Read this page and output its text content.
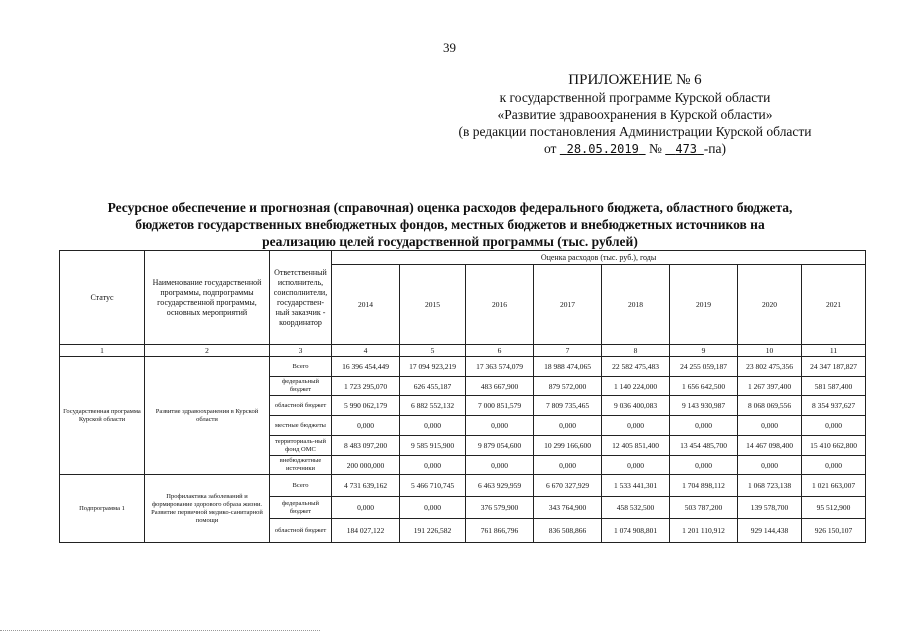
39
ПРИЛОЖЕНИЕ № 6
к государственной программе Курской области
«Развитие здравоохранения в Курской области»
(в редакции постановления Администрации Курской области
от 28.05.2019 № 473 -па)
Ресурсное обеспечение и прогнозная (справочная) оценка расходов федерального бюджета, областного бюджета,
бюджетов государственных внебюджетных фондов, местных бюджетов и внебюджетных источников на
реализацию целей государственной программы (тыс. рублей)
Статус	Наименование государственной программы, подпрограммы государственной программы, основных мероприятий	Ответственный исполнитель, соисполнители, государствен-ный заказчик - координатор	Оценка расходов (тыс. руб.), годы							
			2014	2015	2016	2017	2018	2019	2020	2021
1	2	3	4	5	6	7	8	9	10	11
Государственная программа Курской области	Развитие здравоохранения в Курской области	Всего	16 396 454,449	17 094 923,219	17 363 574,079	18 988 474,065	22 582 475,483	24 255 059,187	23 802 475,356	24 347 187,827
		федеральный бюджет	1 723 295,070	626 455,187	483 667,900	879 572,000	1 140 224,000	1 656 642,500	1 267 397,400	581 587,400
		областной бюджет	5 990 062,179	6 882 552,132	7 000 851,579	7 809 735,465	9 036 400,083	9 143 930,987	8 068 069,556	8 354 937,627
		местные бюджеты	0,000	0,000	0,000	0,000	0,000	0,000	0,000	0,000
		территориаль-ный фонд ОМС	8 483 097,200	9 585 915,900	9 879 054,600	10 299 166,600	12 405 851,400	13 454 485,700	14 467 098,400	15 410 662,800
		внебюджетные источники	200 000,000	0,000	0,000	0,000	0,000	0,000	0,000	0,000
Подпрограмма 1	Профилактика заболеваний и формирование здорового образа жизни. Развитие первичной медико-санитарной помощи	Всего	4 731 639,162	5 466 710,745	6 463 929,959	6 670 327,929	1 533 441,301	1 704 898,112	1 068 723,138	1 021 663,007
		федеральный бюджет	0,000	0,000	376 579,900	343 764,900	458 532,500	503 787,200	139 578,700	95 512,900
		областной бюджет	184 027,122	191 226,582	761 866,796	836 508,866	1 074 908,801	1 201 110,912	929 144,438	926 150,107
